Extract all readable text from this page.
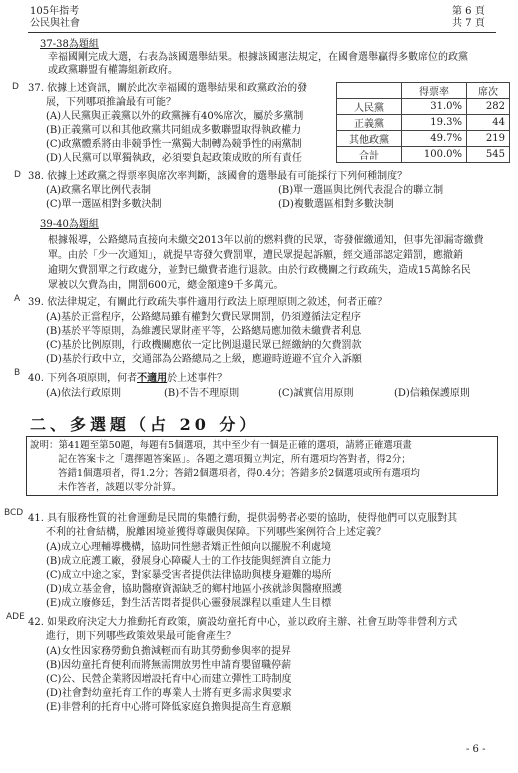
105年指考
公民與社會
第 6 頁
共 7 頁
37-38為題組
幸福國剛完成大選，右表為該國選舉結果。根據該國憲法規定，在國會選舉贏得多數席位的政黨
或政黨聯盟有權籌組新政府。
	得票率	席次
人民黨	31.0%	282
正義黨	19.3%	44
其他政黨	49.7%	219
合計	100.0%	545
D 37. 依據上述資訊，關於此次幸福國的選舉結果和政黨政治的發
展，下列哪項推論最有可能？
(A)人民黨與正義黨以外的政黨擁有40%席次，屬於多黨制
(B)正義黨可以和其他政黨共同組成多數聯盟取得執政權力
(C)政黨體系將由非競爭性一黨獨大制轉為競爭性的兩黨制
(D)人民黨可以單獨執政，必須要負起政策成敗的所有責任
D 38. 依據上述政黨之得票率與席次率判斷，該國會的選舉最有可能採行下列何種制度？
(A)政黨名單比例代表制	(B)單一選區與比例代表混合的聯立制
(C)單一選區相對多數決制	(D)複數選區相對多數決制
39-40為題組
根據報導，公路總局直接向未繳交2013年以前的燃料費的民眾，寄發催繳通知，但事先卻漏寄繳費
單。由於「少一次通知」，就提早寄發欠費罰單，遭民眾提起訴願，經交通部認定錯罰，應撤銷
逾期欠費罰單之行政處分，並對已繳費者進行退款。由於行政機關之行政疏失，造成15萬餘名民
眾被以欠費為由，開罰600元，總金額達9千多萬元。
A 39. 依法律規定，有關此行政疏失事件適用行政法上原理原則之敘述，何者正確？
(A)基於正當程序，公路總局雖有權對欠費民眾開罰，仍須遵循法定程序
(B)基於平等原則，為維護民眾財產平等，公路總局應加徵未繳費者利息
(C)基於比例原則，行政機關應依一定比例退還民眾已經繳納的欠費罰款
(D)基於行政中立，交通部為公路總局之上級，應避時遊避不宜介入訴願
B 40. 下列各項原則，何者不適用於上述事件？
(A)依法行政原則	(B)不告不理原則	(C)誠實信用原則	(D)信賴保護原則
二、多選題（占 20 分）
說明：第41題至第50題，每題有5個選項，其中至少有一個是正確的選項，請將正確選項畫
記在答案卡之「選擇題答案區」。各題之選項獨立判定，所有選項均答對者，得2分；
答錯1個選項者，得1.2分；答錯2個選項者，得0.4分；答錯多於2個選項或所有選項均
未作答者，該題以零分計算。
BCD 41. 具有服務性質的社會運動是民間的集體行動，提供弱勢者必要的協助，使得他們可以克服對其
不利的社會結構，脫離困境並獲得尊嚴與保障。下列哪些案例符合上述定義？
(A)成立心理輔導機構，協助同性戀者矯正性傾向以擺脫不利處境
(B)成立庇護工廠，發展身心障礙人士的工作技能與經濟自立能力
(C)成立中途之家，對家暴受害者提供法律協助與棲身避難的場所
(D)成立基金會，協助醫療資源缺乏的鄉村地區小孩就診與醫療照護
(E)成立廢修廷，對生活苦悶者提供心靈發展課程以重建人生目標
ADE 42. 如果政府決定大力推動托育政策，廣設幼童托育中心，並以政府主辦、社會互助等非營利方式
進行，則下列哪些政策效果最可能會產生？
(A)女性因家務勞動負擔減輕而有助其勞動參與率的提昇
(B)因幼童托育便利而將無需開放男性申請育嬰留職停薪
(C)公、民營企業將因增設托育中心而建立彈性工時制度
(D)社會對幼童托育工作的專業人士將有更多需求與要求
(E)非營利的托育中心將可降低家庭負擔與提高生育意願
- 6 -
